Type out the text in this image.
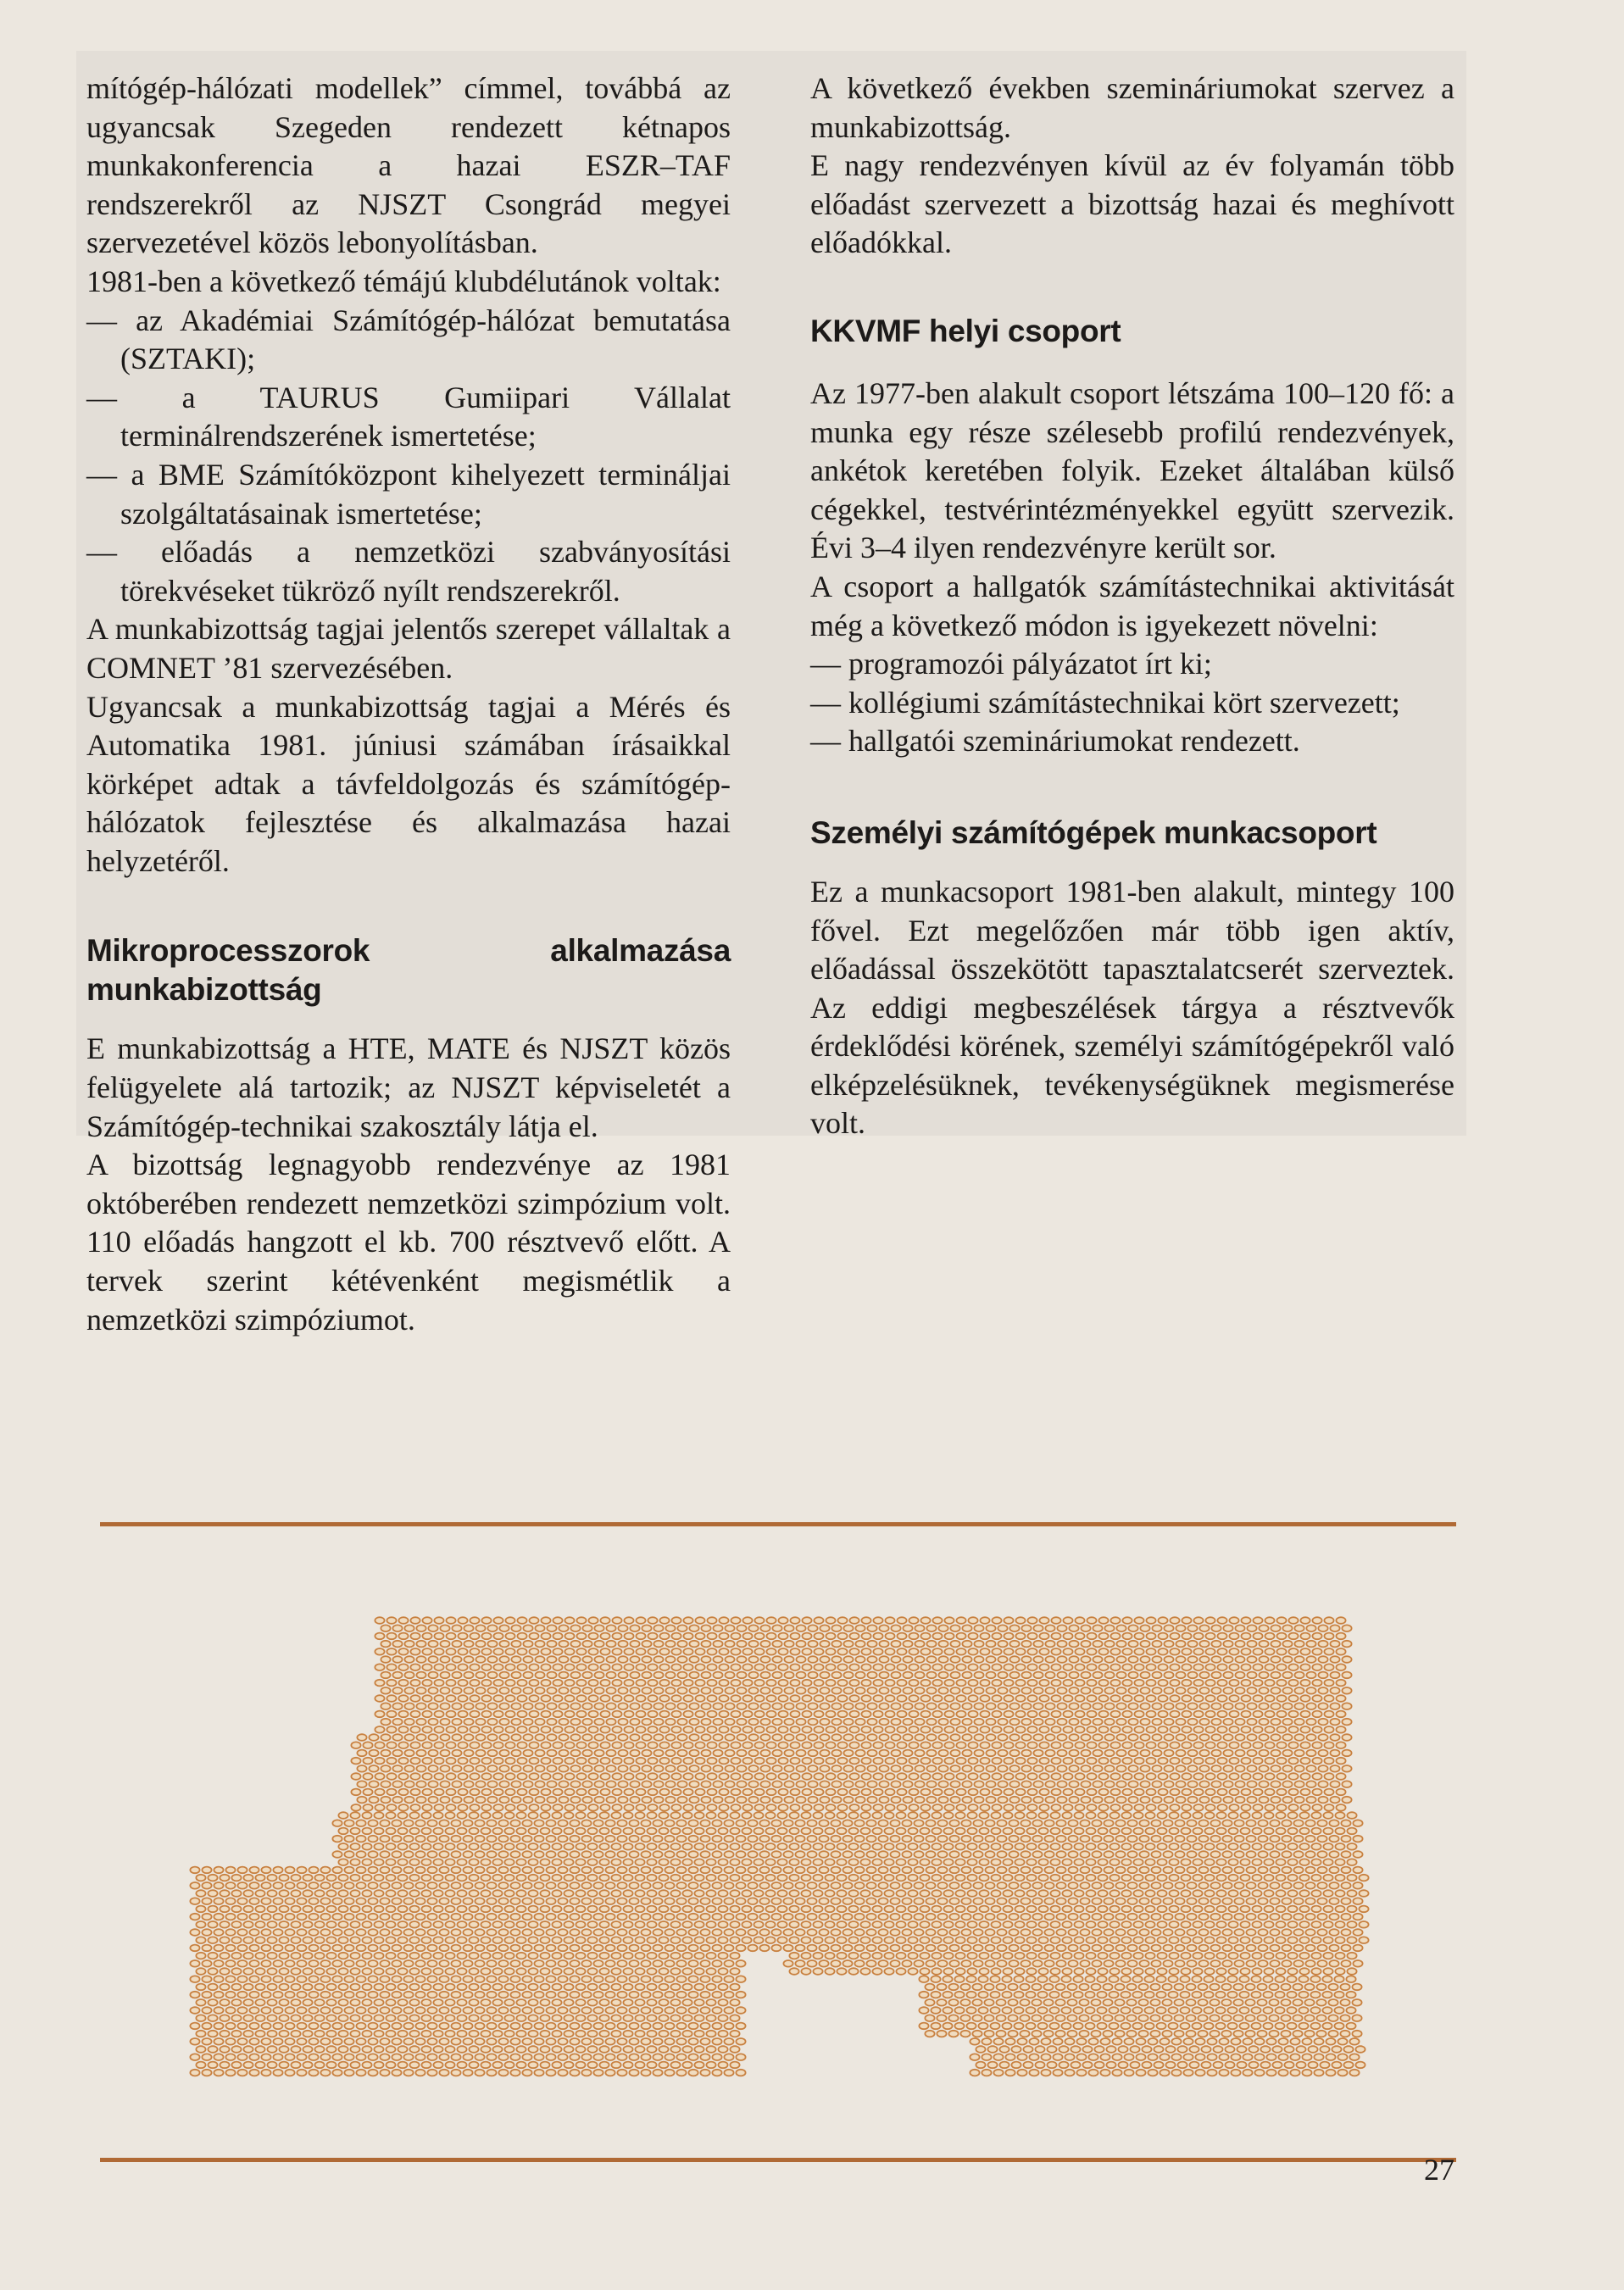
mítógép-hálózati modellek” címmel, továbbá az ugyancsak Szegeden rendezett kétnapos munkakonferencia a hazai ESZR–TAF rendszerekről az NJSZT Csongrád megyei szervezetével közös lebonyolításban.

1981-ben a következő témájú klubdélutánok voltak:

— az Akadémiai Számítógép-hálózat bemutatása (SZTAKI);

— a TAURUS Gumiipari Vállalat terminálrendszerének ismertetése;

— a BME Számítóközpont kihelyezett termináljai szolgáltatásainak ismertetése;

— előadás a nemzetközi szabványosítási törekvéseket tükröző nyílt rendszerekről.

A munkabizottság tagjai jelentős szerepet vállaltak a COMNET ’81 szervezésében.

Ugyancsak a munkabizottság tagjai a Mérés és Automatika 1981. júniusi számában írásaikkal körképet adtak a távfeldolgozás és számítógép-hálózatok fejlesztése és alkalmazása hazai helyzetéről.

Mikroprocesszorok alkalmazása munkabizottság

E munkabizottság a HTE, MATE és NJSZT közös felügyelete alá tartozik; az NJSZT képviseletét a Számítógép-technikai szakosztály látja el.

A bizottság legnagyobb rendezvénye az 1981 októberében rendezett nemzetközi szimpózium volt. 110 előadás hangzott el kb. 700 résztvevő előtt. A tervek szerint kétévenként megismétlik a nemzetközi szimpóziumot.

A következő években szemináriumokat szervez a munkabizottság.

E nagy rendezvényen kívül az év folyamán több előadást szervezett a bizottság hazai és meghívott előadókkal.

KKVMF helyi csoport

Az 1977-ben alakult csoport létszáma 100–120 fő: a munka egy része szélesebb profilú rendezvények, ankétok keretében folyik. Ezeket általában külső cégekkel, testvérintézményekkel együtt szervezik. Évi 3–4 ilyen rendezvényre került sor.

A csoport a hallgatók számítástechnikai aktivitását még a következő módon is igyekezett növelni:

— programozói pályázatot írt ki;

— kollégiumi számítástechnikai kört szervezett;

— hallgatói szemináriumokat rendezett.

Személyi számítógépek munkacsoport

Ez a munkacsoport 1981-ben alakult, mintegy 100 fővel. Ezt megelőzően már több igen aktív, előadással összekötött tapasztalatcserét szerveztek. Az eddigi megbeszélések tárgya a résztvevők érdeklődési körének, személyi számítógépekről való elképzelésüknek, tevékenységüknek megismerése volt.

27
